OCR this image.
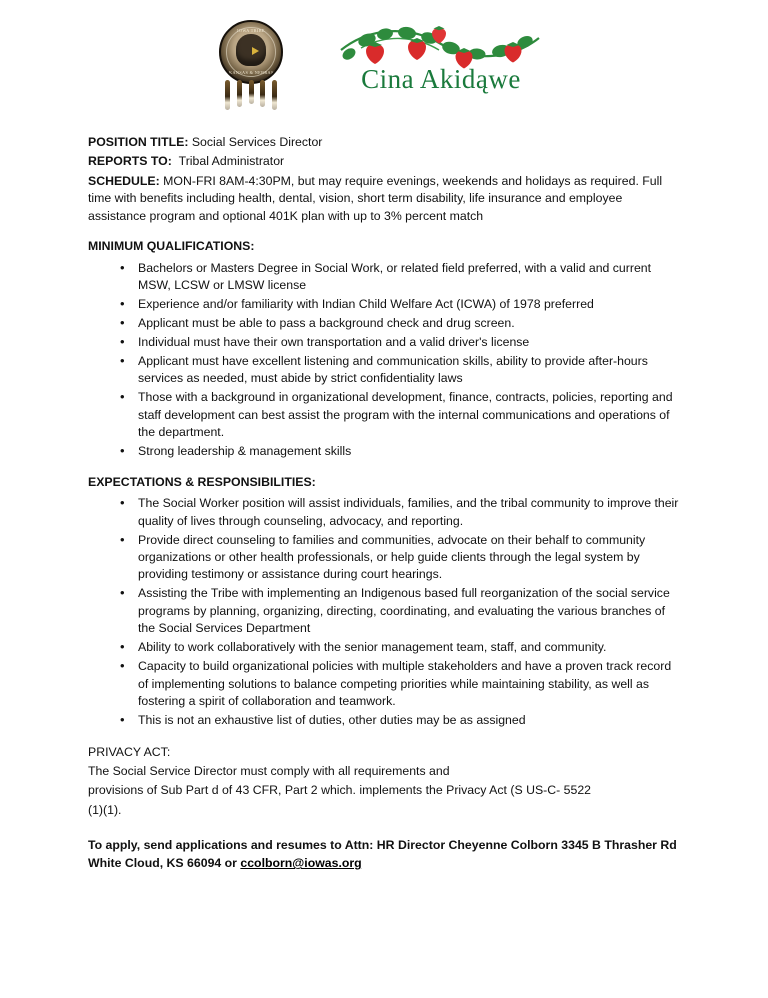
IOWA TRIBE
OF KANSAS & NEBRASKA	Cina Akidąwe
POSITION TITLE: Social Services Director
REPORTS TO: Tribal Administrator
SCHEDULE: MON-FRI 8AM-4:30PM, but may require evenings, weekends and holidays as required. Full time with benefits including health, dental, vision, short term disability, life insurance and employee assistance program and optional 401K plan with up to 3% percent match
MINIMUM QUALIFICATIONS:
• Bachelors or Masters Degree in Social Work, or related field preferred, with a valid and current MSW, LCSW or LMSW license
• Experience and/or familiarity with Indian Child Welfare Act (ICWA) of 1978 preferred
• Applicant must be able to pass a background check and drug screen.
• Individual must have their own transportation and a valid driver's license
• Applicant must have excellent listening and communication skills, ability to provide after-hours services as needed, must abide by strict confidentiality laws
• Those with a background in organizational development, finance, contracts, policies, reporting and staff development can best assist the program with the internal communications and operations of the department.
• Strong leadership & management skills
EXPECTATIONS & RESPONSIBILITIES:
• The Social Worker position will assist individuals, families, and the tribal community to improve their quality of lives through counseling, advocacy, and reporting.
• Provide direct counseling to families and communities, advocate on their behalf to community organizations or other health professionals, or help guide clients through the legal system by providing testimony or assistance during court hearings.
• Assisting the Tribe with implementing an Indigenous based full reorganization of the social service programs by planning, organizing, directing, coordinating, and evaluating the various branches of the Social Services Department
• Ability to work collaboratively with the senior management team, staff, and community.
• Capacity to build organizational policies with multiple stakeholders and have a proven track record of implementing solutions to balance competing priorities while maintaining stability, as well as fostering a spirit of collaboration and teamwork.
• This is not an exhaustive list of duties, other duties may be as assigned
PRIVACY ACT:
The Social Service Director must comply with all requirements and
provisions of Sub Part d of 43 CFR, Part 2 which. implements the Privacy Act (S US-C- 5522
(1)(1).
To apply, send applications and resumes to Attn: HR Director Cheyenne Colborn 3345 B Thrasher Rd White Cloud, KS 66094 or ccolborn@iowas.org
